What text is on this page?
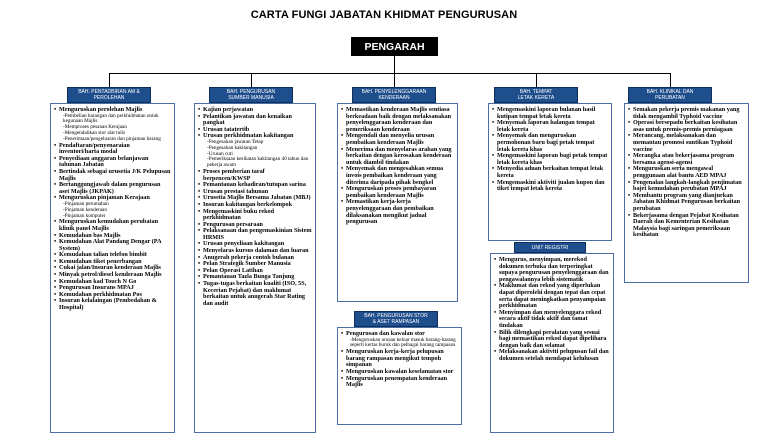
CARTA FUNGI JABATAN KHIDMAT PENGURUSAN
PENGARAH
BAH. PENTADBIRAN AM &
PEROLEHAN
BAH. PENGURUSAN
SUMBER MANUSIA
BAH. PENYELENGGARAAN
KENDERAAN
BAH. PENGURUSAN STOR
& ASET RAMPASAN
BAH. TEMPAT
LETAK KERETA
UNIT REGISTRI
BAH. KLINIKAL DAN
PERUBATAN
• Menguruskan perolehan Majlis
-Pembelian barangan dan perkhidmatan untuk kegunaan Majlis
-Memproses pesanan Kerajaan
-Mengendalikan stor alat tulis
-Penerimaan/pengeluaran dan pinjaman barang
• Pendaftaran/penyenaraian inventori/harta modal
• Penyediaan anggaran belanjawan tahunan Jabatan
• Bertindak sebagai urusetia J/K Pelupusan Majlis
• Bertanggungjawab dalam pengurusan aset Majlis (JKPAK)
• Menguruskan pinjaman Kerajaan
-Pinjaman perumahan
-Pinjaman kenderaan
-Pinjaman komputer
• Menguruskan kemudahan perubatan klinik panel Majlis
• Kemudahan bas Majlis
• Kemudahan Alat Pandang Dengar (PA System)
• Kemudahan talian telefon bimbit
• Kemudahan tiket penerbangan
• Cukai jalan/Insuran kenderaan Majlis
• Minyak petrol/diesel kenderaan Majlis
• Kemudahan kad Touch N Go
• Pengurusan Insurans MPAJ
• Kemudahan perkhidmatan Pos
• Insuran kelalaingan (Pembedahan & Hospital)
• Kajian perjawatan
• Pelantikan jawatan dan kenaikan pangkat
• Urusan tatatertib
• Urusan perkhidmatan kakitangan
-Pengesahan jawatan Tetap
-Pengesahan kakitangan
-Urusan cuti
-Pemeriksaan kesihatan kakitangan 40 tahun dan pekerja awam
• Proses pemberian taraf berpencen/KWSP
• Pemantauan kehadiran/tutupan sarina
• Urusan prestasi tahunan
• Urusetia Majlis Bersama Jabatan (MBJ)
• Insuran kakitangan berkelompok
• Mengemaskini buku rekod perkhidmatan
• Pengurusan persaraan
• Pelaksanaan dan pengemaskinian Sistem HRMIS
• Urusan penyeliaan kakitangan
• Menyelaras kursus dalaman dan luaran
• Anugerah pekerja contoh bulanan
• Pelan Strategik Sumber Manusia
• Pelan Operasi Latihan
• Pemantauan Tazla Bunga Tanjung
• Tugas-tugas berkaitan kualiti (ISO, 5S, Kecerian Pejabat) dan maklumat berkaitan untuk anugerah Star Rating dan audit
• Memastikan kenderaan Majlis sentiasa berkeadaan baik dengan melaksanakan penyelenggaraan kenderaan dan pemeriksaan kenderaan
• Mengendali dan menyelia urusan pembaikan kenderaan Majlis
• Menerima dan menyelaras arahan yang berkaitan dengan kerosakan kenderaan untuk diambil tindakan
• Menyemak dan mengesahkan semua invois pembaikan kenderaan yang diterima daripada pihak bengkel
• Menguruskan proses pembayaran pembaikan kenderaan Majlis
• Memastikan kerja-kerja penyelenggaraan dan pembaikan dilaksanakan mengikut jadual pengurusan
• Pengurusan dan kawalan stor
-Menguruskan urusan keluar masuk barang-barang seperti kertas buruk dan pelbagai barang rampasan
• Menguruskan kerja-kerja pelupusan barang rampasan mengikut tempoh simpanan
• Menguruskan kawalan keselamatan stor
• Menguruskan penempatan kenderaan Majlis
• Mengemaskini laporan bulanan hasil kutipan tempat letak kereta
• Menyemak laporan halangan tempat letak kereta
• Menyemak dan menguruskan permohonan baru bagi petak tempat letak kereta khas
• Mengemaskini laporan bagi petak tempat letak kereta khas
• Menyedia aduan berkaitan tempat letak kereta
• Mengemaskini aktiviti jualan kupon dan tiket tempat letak kereta
• Mengurus, menyimpan, merekod dokumen terbuka dan terperingkat supaya pengurusan penyelenggaraan dan pengawalannya lebih sistematik
• Maklumat dan rekod yang diperlukan dapat diperolehi dengan tepat dan cepat serta dapat meningkatkan penyampaian perkhidmatan
• Menyimpan dan menyelenggara rekod secara aktif tidak aktif dan tamat tindakan
• Bilik dilengkapi peralatan yang sesuai bagi memastikan rekod dapat dipelihara dengan baik dan selamat
• Melaksanakan aktiviti pelupusan fail dan dokumen setelah mendapat kelulusan
• Semakan pekerja premis makanan yang tidak mengambil Typhoid vaccine
• Operasi bersepadu berkaitan kesihatan asas untuk premis-premis perniagaan
• Merancang, melaksanakan dan memantau promosi suntikan Typhoid vaccine
• Merangka atau bekerjasama program bersama agensi-agensi
• Menguruskan serta mengawal penggunaan alat bantu AED MPAJ
• Pengenalan langkah-langkah penjimatan bajet kemudahan perubatan MPAJ
• Membantu program yang dianjurkan Jabatan Khidmat Pengurusan berkaitan perubatan
• Bekerjasama dengan Pejabat Kesihatan Daerah dan Kementerian Kesihatan Malaysia bagi saringan pemeriksaan kesihatan
